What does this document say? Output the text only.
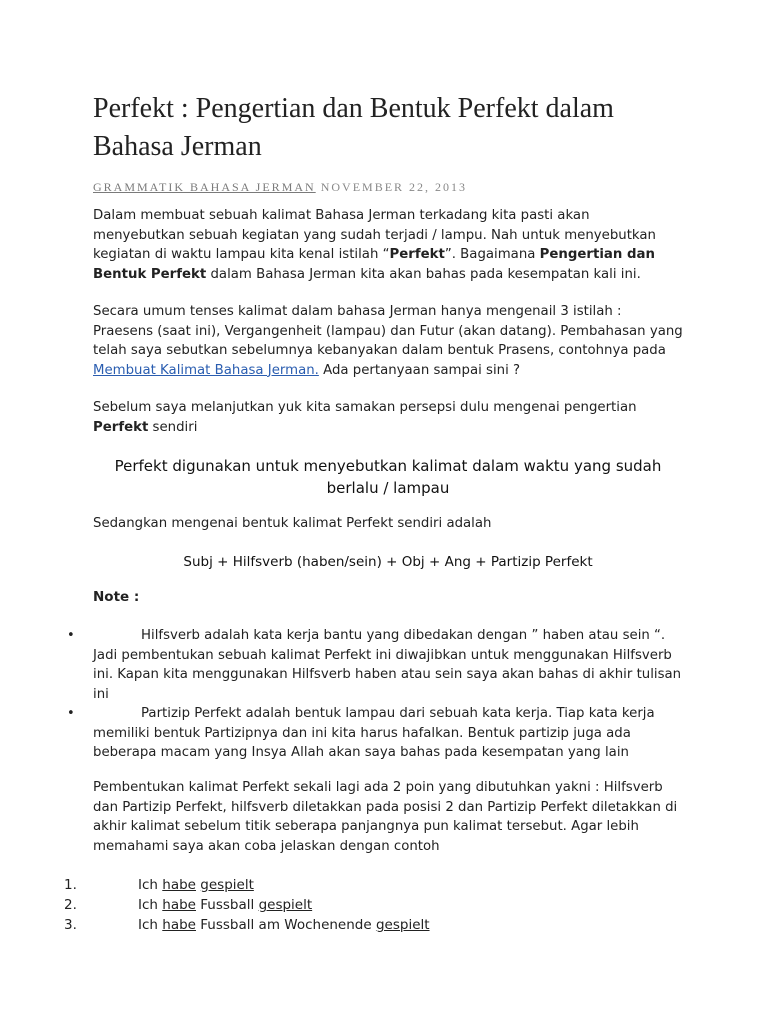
Perfekt : Pengertian dan Bentuk Perfekt dalam Bahasa Jerman
GRAMMATIK BAHASA JERMAN NOVEMBER 22, 2013

Dalam membuat sebuah kalimat Bahasa Jerman terkadang kita pasti akan menyebutkan sebuah kegiatan yang sudah terjadi / lampu. Nah untuk menyebutkan kegiatan di waktu lampau kita kenal istilah “Perfekt”. Bagaimana Pengertian dan Bentuk Perfekt dalam Bahasa Jerman kita akan bahas pada kesempatan kali ini.

Secara umum tenses kalimat dalam bahasa Jerman hanya mengenail 3 istilah : Praesens (saat ini), Vergangenheit (lampau) dan Futur (akan datang). Pembahasan yang telah saya sebutkan sebelumnya kebanyakan dalam bentuk Prasens, contohnya pada Membuat Kalimat Bahasa Jerman. Ada pertanyaan sampai sini ?

Sebelum saya melanjutkan yuk kita samakan persepsi dulu mengenai pengertian Perfekt sendiri

Perfekt digunakan untuk menyebutkan kalimat dalam waktu yang sudah berlalu / lampau

Sedangkan mengenai bentuk kalimat Perfekt sendiri adalah

Subj + Hilfsverb (haben/sein) + Obj + Ang + Partizip Perfekt

Note :

•	Hilfsverb adalah kata kerja bantu yang dibedakan dengan ” haben atau sein “. Jadi pembentukan sebuah kalimat Perfekt ini diwajibkan untuk menggunakan Hilfsverb ini. Kapan kita menggunakan Hilfsverb haben atau sein saya akan bahas di akhir tulisan ini
•	Partizip Perfekt adalah bentuk lampau dari sebuah kata kerja. Tiap kata kerja memiliki bentuk Partizipnya dan ini kita harus hafalkan. Bentuk partizip juga ada beberapa macam yang Insya Allah akan saya bahas pada kesempatan yang lain

Pembentukan kalimat Perfekt sekali lagi ada 2 poin yang dibutuhkan yakni : Hilfsverb dan Partizip Perfekt, hilfsverb diletakkan pada posisi 2 dan Partizip Perfekt diletakkan di akhir kalimat sebelum titik seberapa panjangnya pun kalimat tersebut. Agar lebih memahami saya akan coba jelaskan dengan contoh

1.	Ich habe gespielt
2.	Ich habe Fussball gespielt
3.	Ich habe Fussball am Wochenende gespielt
